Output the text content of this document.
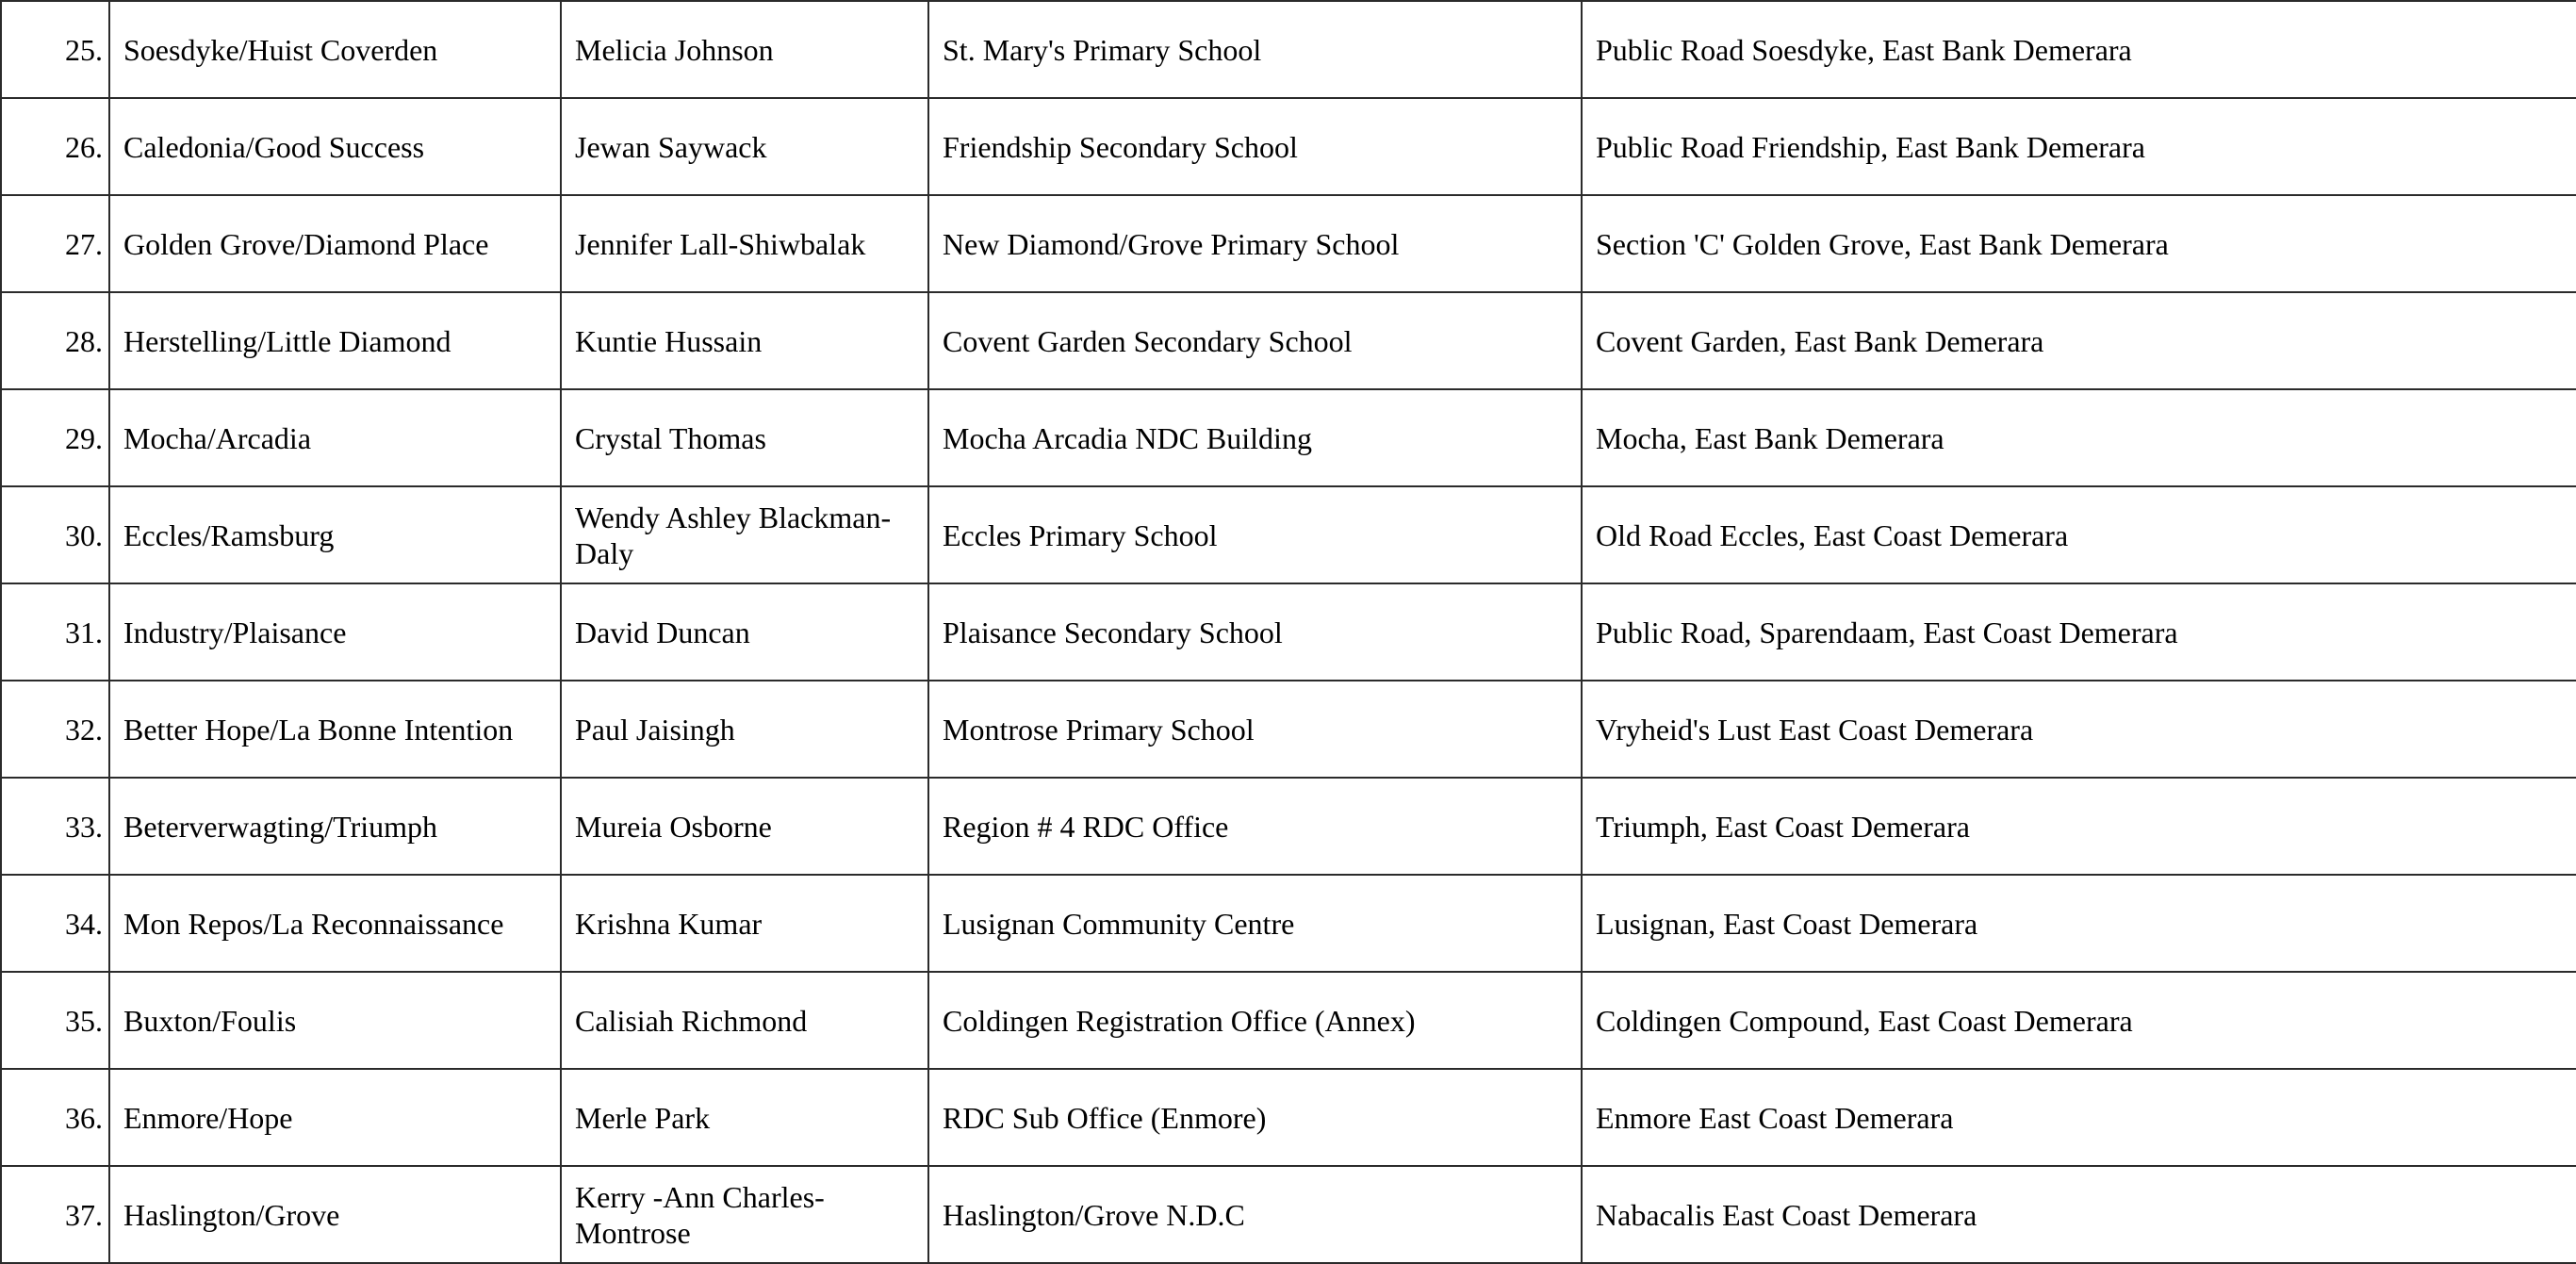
25.	Soesdyke/Huist Coverden	Melicia Johnson	St. Mary's Primary School	Public Road Soesdyke, East Bank Demerara
26.	Caledonia/Good Success	Jewan Saywack	Friendship Secondary School	Public Road Friendship, East Bank Demerara
27.	Golden Grove/Diamond Place	Jennifer Lall-Shiwbalak	New Diamond/Grove Primary School	Section 'C' Golden Grove, East Bank Demerara
28.	Herstelling/Little Diamond	Kuntie Hussain	Covent Garden Secondary School	Covent Garden, East Bank Demerara
29.	Mocha/Arcadia	Crystal Thomas	Mocha Arcadia NDC Building	Mocha, East Bank Demerara
30.	Eccles/Ramsburg	Wendy Ashley Blackman-Daly	Eccles Primary School	Old Road Eccles, East Coast Demerara
31.	Industry/Plaisance	David Duncan	Plaisance Secondary School	Public Road, Sparendaam, East Coast Demerara
32.	Better Hope/La Bonne Intention	Paul Jaisingh	Montrose Primary School	Vryheid's Lust East Coast Demerara
33.	Beterverwagting/Triumph	Mureia Osborne	Region # 4 RDC Office	Triumph, East Coast Demerara
34.	Mon Repos/La Reconnaissance	Krishna Kumar	Lusignan Community Centre	Lusignan, East Coast Demerara
35.	Buxton/Foulis	Calisiah Richmond	Coldingen Registration Office (Annex)	Coldingen Compound, East Coast Demerara
36.	Enmore/Hope	Merle Park	RDC Sub Office (Enmore)	Enmore East Coast Demerara
37.	Haslington/Grove	Kerry -Ann Charles-Montrose	Haslington/Grove N.D.C	Nabacalis East Coast Demerara
